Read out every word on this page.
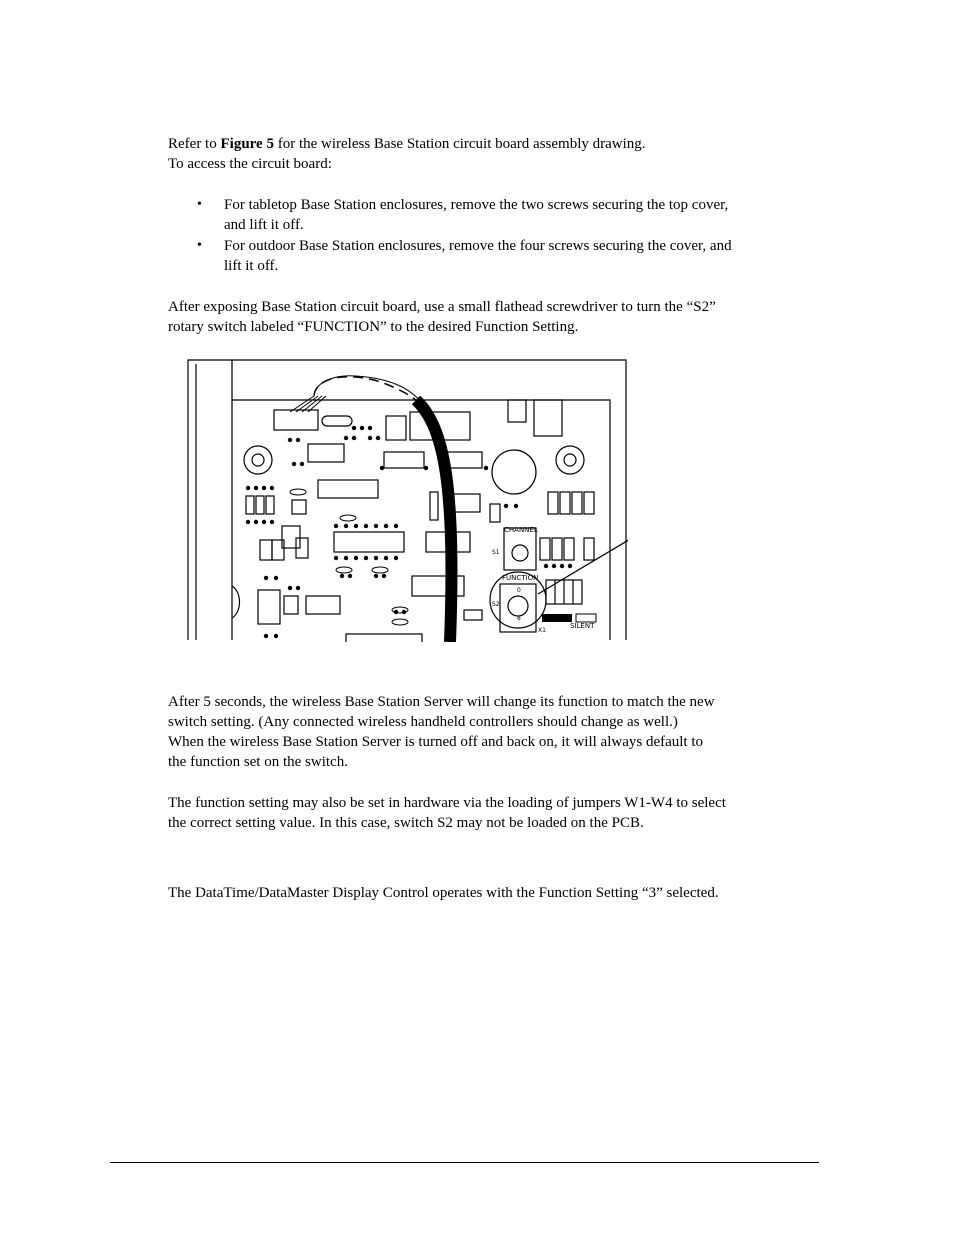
Refer to Figure 5 for the wireless Base Station circuit board assembly drawing.
To access the circuit board:
• For tabletop Base Station enclosures, remove the two screws securing the top cover,
and lift it off.
• For outdoor Base Station enclosures, remove the four screws securing the cover, and
lift it off.
After exposing Base Station circuit board, use a small flathead screwdriver to turn the “S2”
rotary switch labeled “FUNCTION” to the desired Function Setting.
CHANNEL
FUNCTION
SILENT
S1
S2
0
8
X1
After 5 seconds, the wireless Base Station Server will change its function to match the new
switch setting. (Any connected wireless handheld controllers should change as well.)
When the wireless Base Station Server is turned off and back on, it will always default to
the function set on the switch.
The function setting may also be set in hardware via the loading of jumpers W1-W4 to select
the correct setting value. In this case, switch S2 may not be loaded on the PCB.
The DataTime/DataMaster Display Control operates with the Function Setting “3” selected.
